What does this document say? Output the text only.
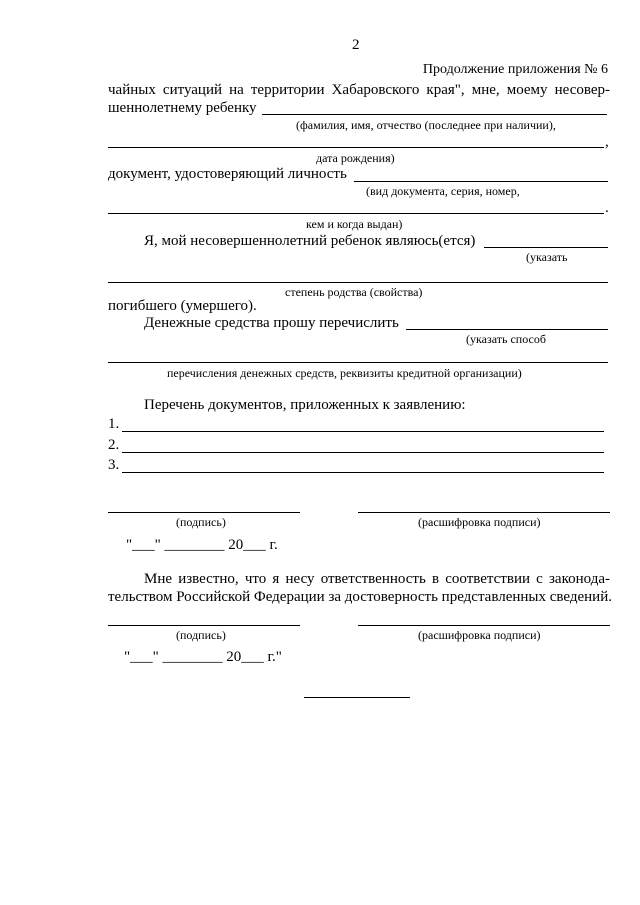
2
Продолжение приложения № 6
чайных ситуаций на территории Хабаровского края", мне, моему несовер-
шеннолетнему ребенку
(фамилия, имя, отчество (последнее при наличии),
,
дата рождения)
документ, удостоверяющий личность
(вид документа, серия, номер,
.
кем и когда выдан)
Я, мой несовершеннолетний ребенок являюсь(ется)
(указать
степень родства (свойства)
погибшего (умершего).
Денежные средства прошу перечислить
(указать способ
перечисления денежных средств, реквизиты кредитной организации)
Перечень документов, приложенных к заявлению:
1.
2.
3.
(подпись)	(расшифровка подписи)
"___" ________ 20___ г.
Мне известно, что я несу ответственность в соответствии с законода-
тельством Российской Федерации за достоверность представленных сведений.
(подпись)	(расшифровка подписи)
"___" ________ 20___ г."
